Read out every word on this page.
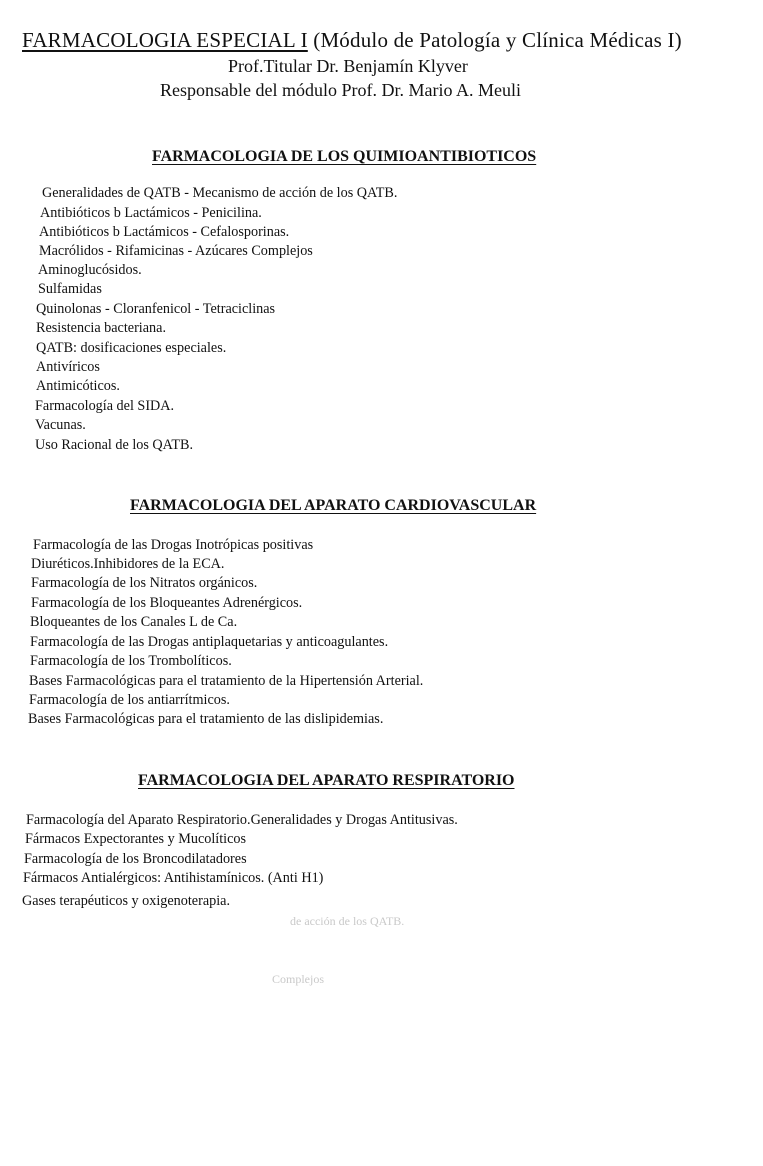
FARMACOLOGIA ESPECIAL I (Módulo de Patología y Clínica Médicas I)
Prof.Titular Dr. Benjamín Klyver
Responsable del módulo Prof. Dr. Mario A. Meuli
FARMACOLOGIA DE LOS QUIMIOANTIBIOTICOS
Generalidades de QATB - Mecanismo de acción de los QATB.
Antibióticos b Lactámicos - Penicilina.
Antibióticos b Lactámicos - Cefalosporinas.
Macrólidos - Rifamicinas - Azúcares Complejos
Aminoglucósidos.
Sulfamidas
Quinolonas - Cloranfenicol - Tetraciclinas
Resistencia bacteriana.
QATB: dosificaciones especiales.
Antivíricos
Antimicóticos.
Farmacología del SIDA.
Vacunas.
Uso Racional de los QATB.
FARMACOLOGIA DEL APARATO CARDIOVASCULAR
Farmacología de las Drogas Inotrópicas positivas
Diuréticos.Inhibidores de la ECA.
Farmacología de los Nitratos orgánicos.
Farmacología de los Bloqueantes Adrenérgicos.
Bloqueantes de los Canales L de Ca.
Farmacología de las Drogas antiplaquetarias y anticoagulantes.
Farmacología de los Trombolíticos.
Bases Farmacológicas para el tratamiento de la Hipertensión Arterial.
Farmacología de los antiarrítmicos.
Bases Farmacológicas para el tratamiento de las dislipidemias.
FARMACOLOGIA DEL APARATO RESPIRATORIO
Farmacología del Aparato Respiratorio.Generalidades y Drogas Antitusivas.
Fármacos Expectorantes y Mucolíticos
Farmacología de los Broncodilatadores
Fármacos Antialérgicos: Antihistamínicos. (Anti H1)
Gases terapéuticos y oxigenoterapia.
de acción de los QATB.
Complejos
